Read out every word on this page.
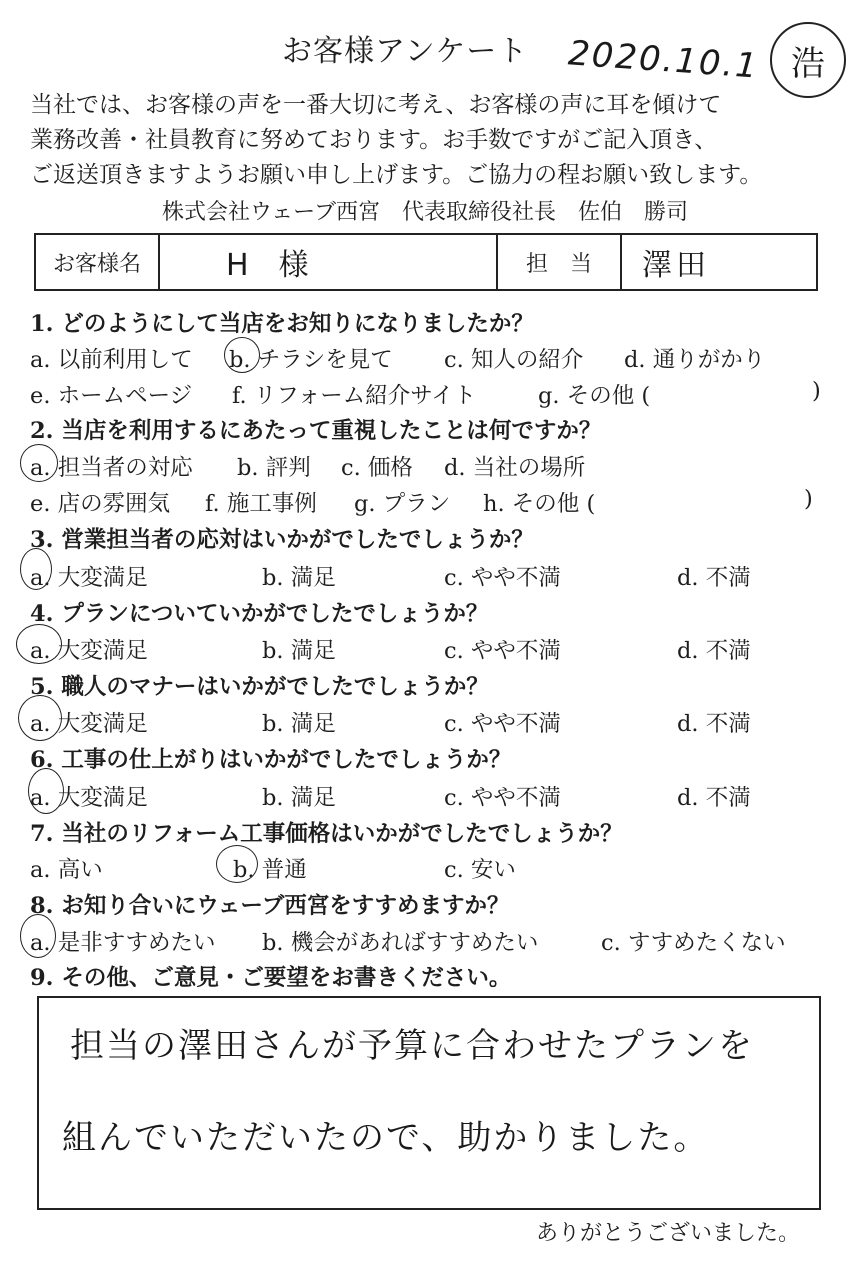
お客様アンケート 2020.10.1 浩
当社では、お客様の声を一番大切に考え、お客様の声に耳を傾けて
業務改善・社員教育に努めております。お手数ですがご記入頂き、
ご返送頂きますようお願い申し上げます。ご協力の程お願い致します。
株式会社ウェーブ西宮　代表取締役社長　佐伯　勝司
お客様名	H　様	担　当 澤田
1. どのようにして当店をお知りになりましたか？
a. 以前利用して b. チラシを見て c. 知人の紹介 d. 通りがかり
e. ホームページ f. リフォーム紹介サイト	g. その他 (	)
2. 当店を利用するにあたって重視したことは何ですか？
a. 担当者の対応 b. 評判 c. 価格 d. 当社の場所
e. 店の雰囲気 f. 施工事例 g. プラン h. その他 (	)
3. 営業担当者の応対はいかがでしたでしょうか？
a. 大変満足	b. 満足	c. やや不満	d. 不満
4. プランについていかがでしたでしょうか？
a. 大変満足	b. 満足	c. やや不満	d. 不満
5. 職人のマナーはいかがでしたでしょうか？
a. 大変満足	b. 満足	c. やや不満	d. 不満
6. 工事の仕上がりはいかがでしたでしょうか？
a. 大変満足	b. 満足	c. やや不満	d. 不満
7. 当社のリフォーム工事価格はいかがでしたでしょうか？
a. 高い	b. 普通	c. 安い
8. お知り合いにウェーブ西宮をすすめますか？
a. 是非すすめたい b. 機会があればすすめたい	c. すすめたくない
9. その他、ご意見・ご要望をお書きください。
担当の澤田さんが予算に合わせたプランを
組んでいただいたので、助かりました。
ありがとうございました。
